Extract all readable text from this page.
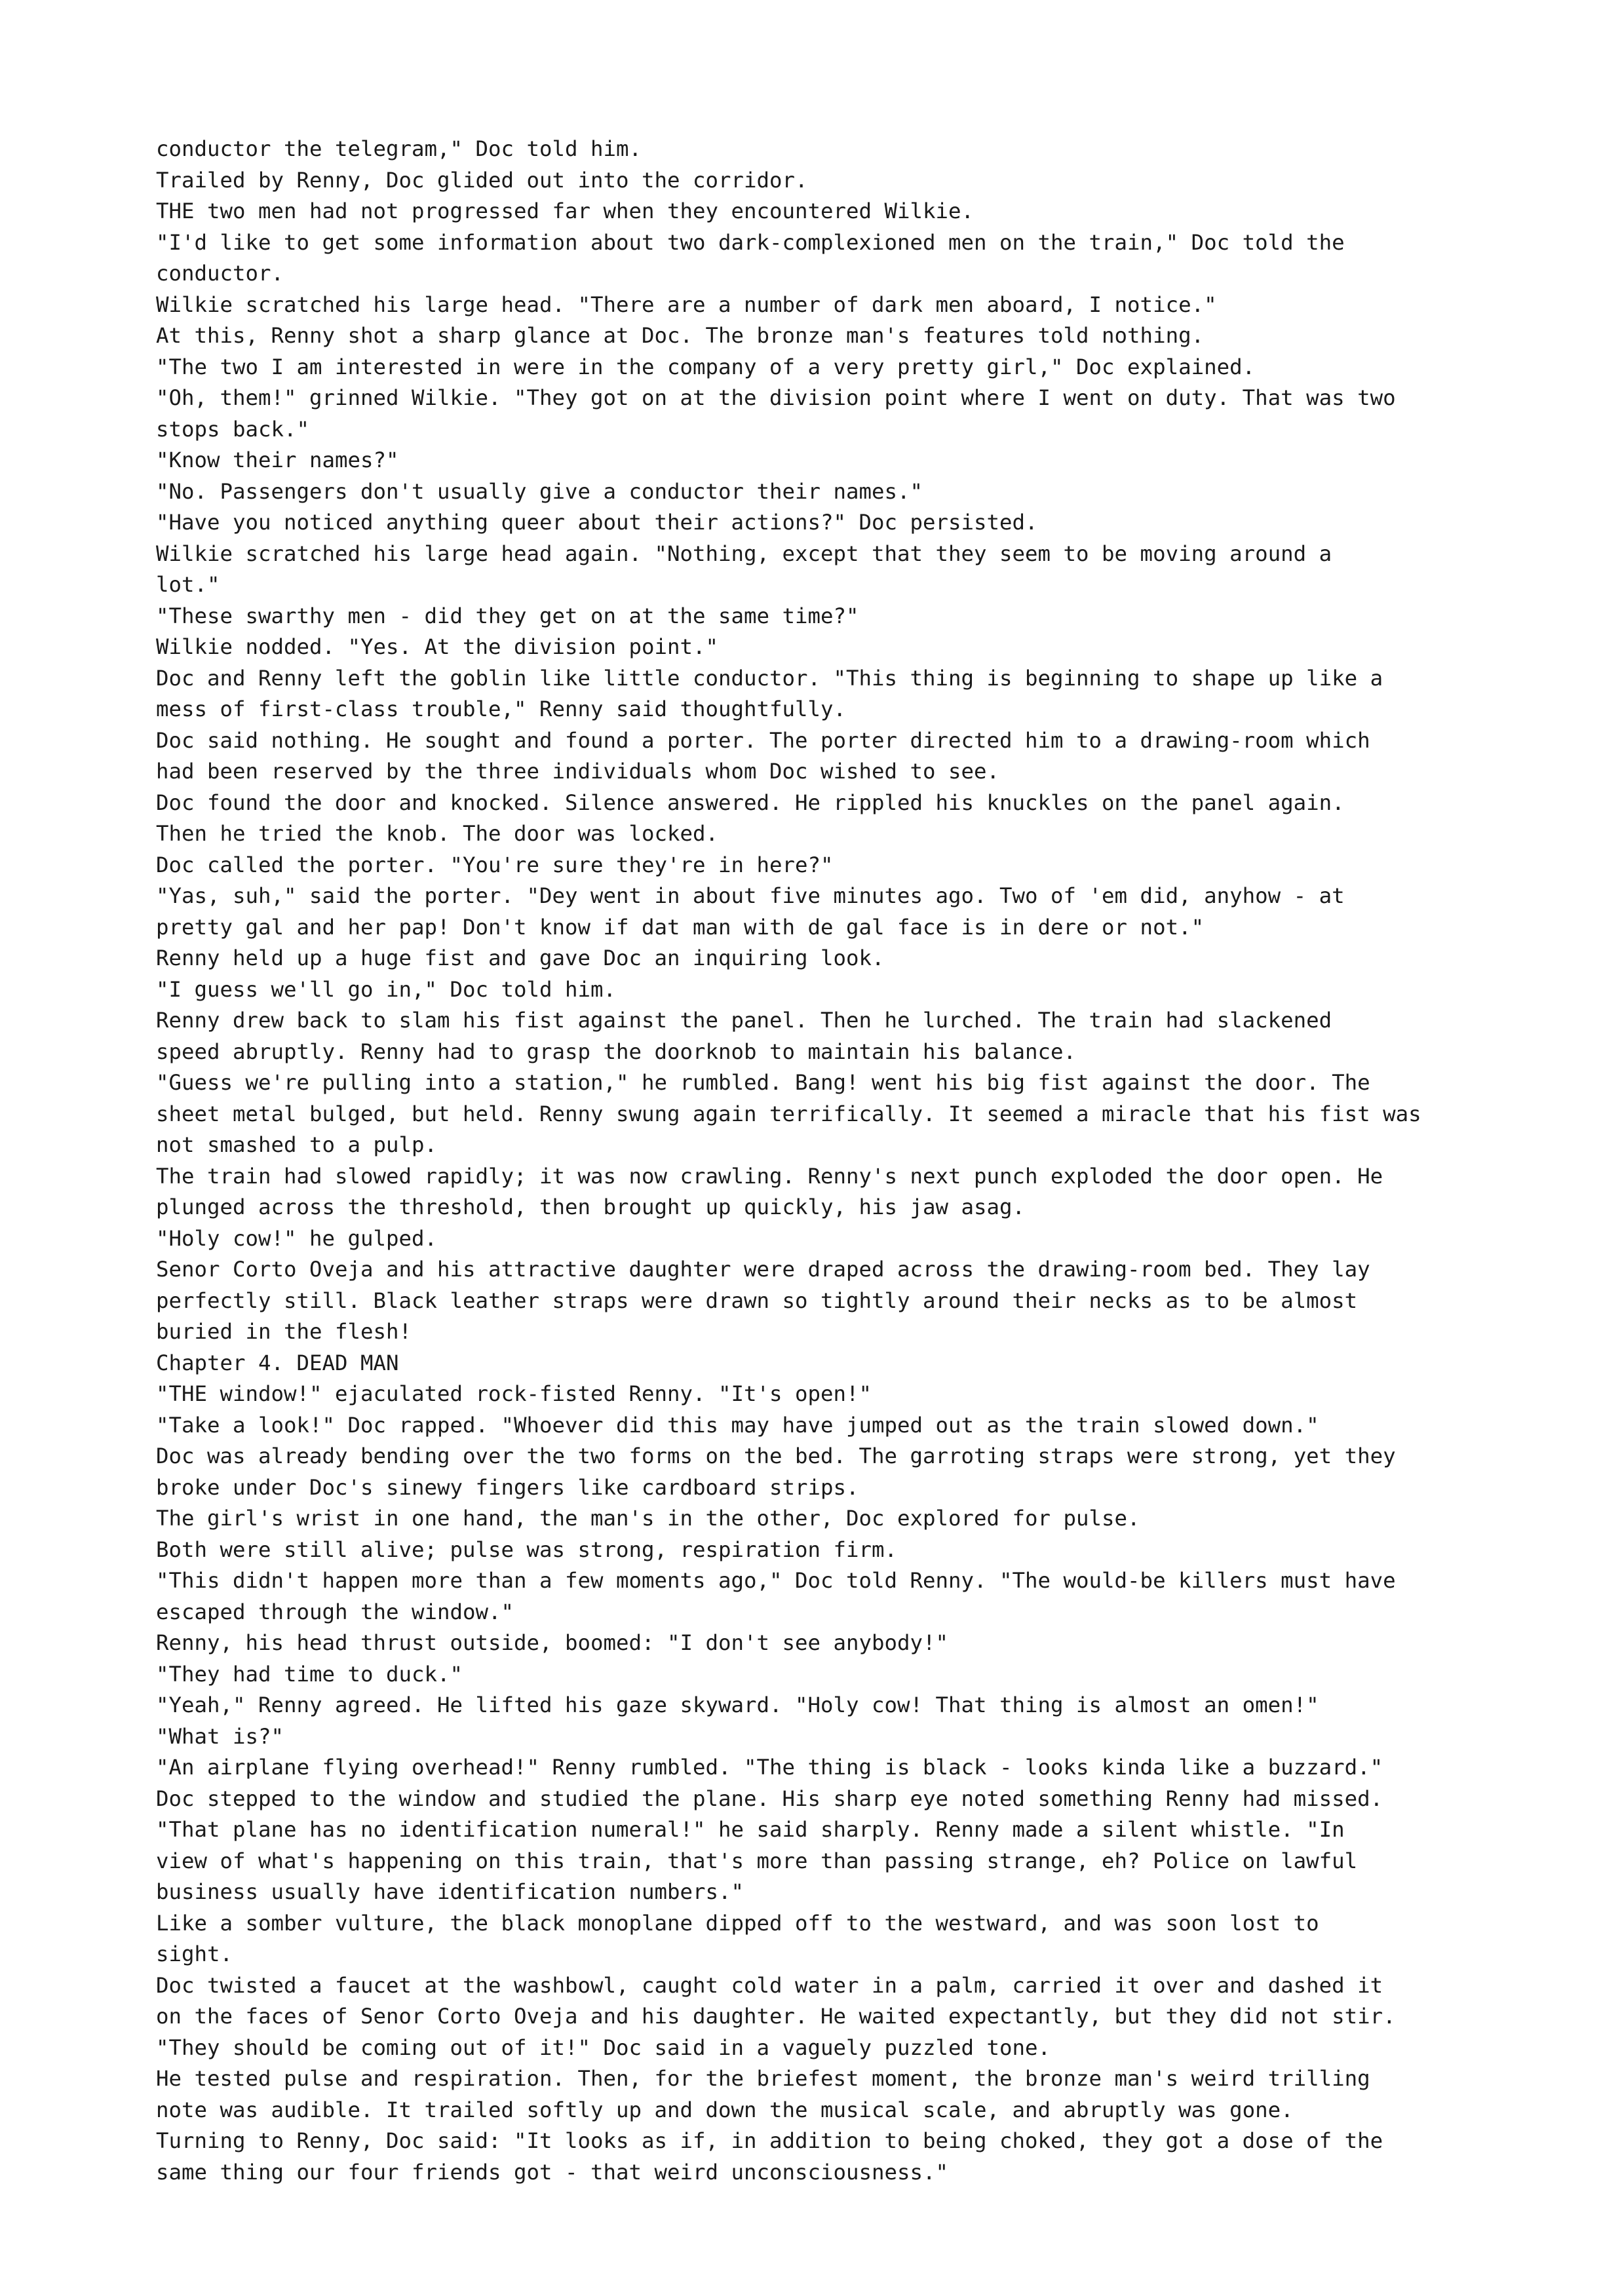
conductor the telegram," Doc told him.

Trailed by Renny, Doc glided out into the corridor.

THE two men had not progressed far when they encountered Wilkie.

"I'd like to get some information about two dark-complexioned men on the train," Doc told the

conductor.

Wilkie scratched his large head. "There are a number of dark men aboard, I notice."

At this, Renny shot a sharp glance at Doc. The bronze man's features told nothing.

"The two I am interested in were in the company of a very pretty girl," Doc explained.

"Oh, them!" grinned Wilkie. "They got on at the division point where I went on duty. That was two

stops back."

"Know their names?"

"No. Passengers don't usually give a conductor their names."

"Have you noticed anything queer about their actions?" Doc persisted.

Wilkie scratched his large head again. "Nothing, except that they seem to be moving around a

lot."

"These swarthy men - did they get on at the same time?"

Wilkie nodded. "Yes. At the division point."

Doc and Renny left the goblin like little conductor. "This thing is beginning to shape up like a

mess of first-class trouble," Renny said thoughtfully.

Doc said nothing. He sought and found a porter. The porter directed him to a drawing-room which

had been reserved by the three individuals whom Doc wished to see.

Doc found the door and knocked. Silence answered. He rippled his knuckles on the panel again.

Then he tried the knob. The door was locked.

Doc called the porter. "You're sure they're in here?"

"Yas, suh," said the porter. "Dey went in about five minutes ago. Two of 'em did, anyhow - at

pretty gal and her pap! Don't know if dat man with de gal face is in dere or not."

Renny held up a huge fist and gave Doc an inquiring look.

"I guess we'll go in," Doc told him.

Renny drew back to slam his fist against the panel. Then he lurched. The train had slackened

speed abruptly. Renny had to grasp the doorknob to maintain his balance.

"Guess we're pulling into a station," he rumbled. Bang! went his big fist against the door. The

sheet metal bulged, but held. Renny swung again terrifically. It seemed a miracle that his fist was

not smashed to a pulp.

The train had slowed rapidly; it was now crawling. Renny's next punch exploded the door open. He

plunged across the threshold, then brought up quickly, his jaw asag.

"Holy cow!" he gulped.

Senor Corto Oveja and his attractive daughter were draped across the drawing-room bed. They lay

perfectly still. Black leather straps were drawn so tightly around their necks as to be almost

buried in the flesh!

Chapter 4. DEAD MAN

"THE window!" ejaculated rock-fisted Renny. "It's open!"

"Take a look!" Doc rapped. "Whoever did this may have jumped out as the train slowed down."

Doc was already bending over the two forms on the bed. The garroting straps were strong, yet they

broke under Doc's sinewy fingers like cardboard strips.

The girl's wrist in one hand, the man's in the other, Doc explored for pulse.

Both were still alive; pulse was strong, respiration firm.

"This didn't happen more than a few moments ago," Doc told Renny. "The would-be killers must have

escaped through the window."

Renny, his head thrust outside, boomed: "I don't see anybody!"

"They had time to duck."

"Yeah," Renny agreed. He lifted his gaze skyward. "Holy cow! That thing is almost an omen!"

"What is?"

"An airplane flying overhead!" Renny rumbled. "The thing is black - looks kinda like a buzzard."

Doc stepped to the window and studied the plane. His sharp eye noted something Renny had missed.

"That plane has no identification numeral!" he said sharply. Renny made a silent whistle. "In

view of what's happening on this train, that's more than passing strange, eh? Police on lawful

business usually have identification numbers."

Like a somber vulture, the black monoplane dipped off to the westward, and was soon lost to

sight.

Doc twisted a faucet at the washbowl, caught cold water in a palm, carried it over and dashed it

on the faces of Senor Corto Oveja and his daughter. He waited expectantly, but they did not stir.

"They should be coming out of it!" Doc said in a vaguely puzzled tone.

He tested pulse and respiration. Then, for the briefest moment, the bronze man's weird trilling

note was audible. It trailed softly up and down the musical scale, and abruptly was gone.

Turning to Renny, Doc said: "It looks as if, in addition to being choked, they got a dose of the

same thing our four friends got - that weird unconsciousness."
